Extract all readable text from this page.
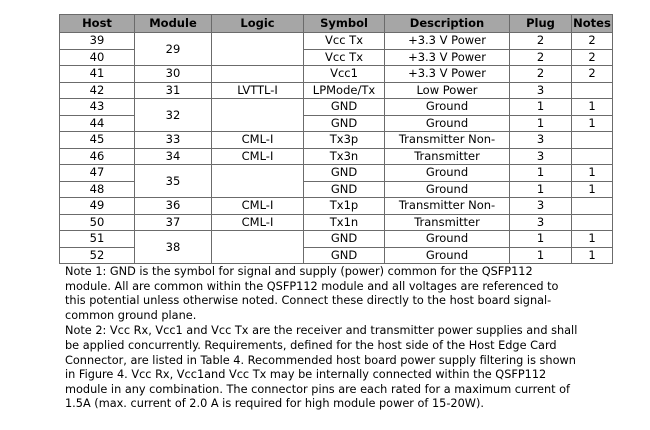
Host	Module	Logic	Symbol	Description	Plug	Notes
39	29		Vcc Tx	+3.3 V Power	2	2
40			Vcc Tx	+3.3 V Power	2	2
41	30		Vcc1	+3.3 V Power	2	2
42	31	LVTTL-I	LPMode/Tx	Low Power	3	
43	32		GND	Ground	1	1
44			GND	Ground	1	1
45	33	CML-I	Tx3p	Transmitter Non-	3	
46	34	CML-I	Tx3n	Transmitter	3	
47	35		GND	Ground	1	1
48			GND	Ground	1	1
49	36	CML-I	Tx1p	Transmitter Non-	3	
50	37	CML-I	Tx1n	Transmitter	3	
51	38		GND	Ground	1	1
52			GND	Ground	1	1

Note 1: GND is the symbol for signal and supply (power) common for the QSFP112
module. All are common within the QSFP112 module and all voltages are referenced to
this potential unless otherwise noted. Connect these directly to the host board signal-
common ground plane.

Note 2: Vcc Rx, Vcc1 and Vcc Tx are the receiver and transmitter power supplies and shall
be applied concurrently. Requirements, defined for the host side of the Host Edge Card
Connector, are listed in Table 4. Recommended host board power supply filtering is shown
in Figure 4. Vcc Rx, Vcc1and Vcc Tx may be internally connected within the QSFP112
module in any combination. The connector pins are each rated for a maximum current of
1.5A (max. current of 2.0 A is required for high module power of 15-20W).
